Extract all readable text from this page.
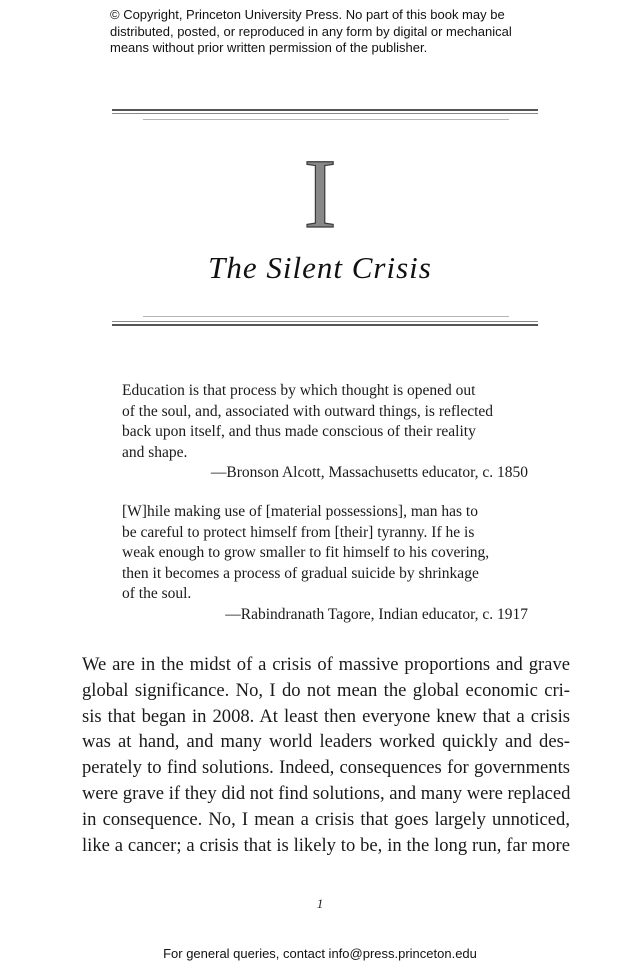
© Copyright, Princeton University Press. No part of this book may be

distributed, posted, or reproduced in any form by digital or mechanical

means without prior written permission of the publisher.

I
The Silent Crisis
Education is that process by which thought is opened out
of the soul, and, associated with outward things, is reflected
back upon itself, and thus made conscious of their reality
and shape.
—Bronson Alcott, Massachusetts educator, c. 1850
[W]hile making use of [material possessions], man has to
be careful to protect himself from [their] tyranny. If he is
weak enough to grow smaller to fit himself to his covering,
then it becomes a process of gradual suicide by shrinkage
of the soul.
—Rabindranath Tagore, Indian educator, c. 1917
We are in the midst of a crisis of massive proportions and grave
global significance. No, I do not mean the global economic cri-
sis that began in 2008. At least then everyone knew that a crisis
was at hand, and many world leaders worked quickly and des-
perately to find solutions. Indeed, consequences for governments
were grave if they did not find solutions, and many were replaced
in consequence. No, I mean a crisis that goes largely unnoticed,
like a cancer; a crisis that is likely to be, in the long run, far more
1
For general queries, contact info@press.princeton.edu
